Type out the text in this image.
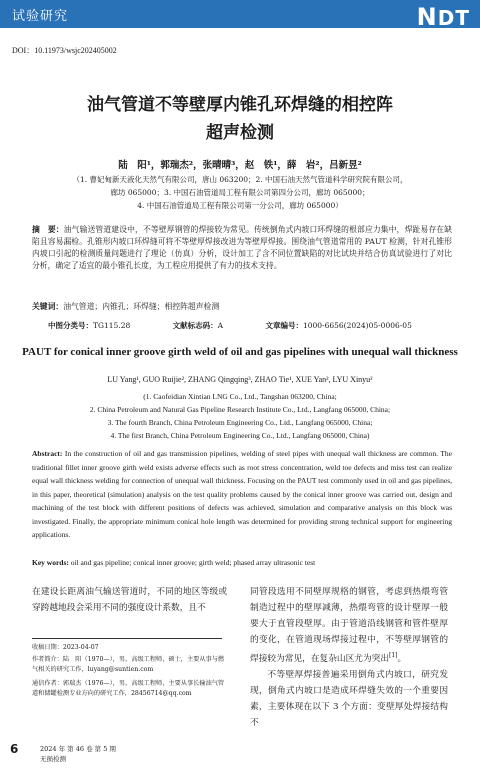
试验研究	NDT
DOI：10.11973/wsjc202405002
油气管道不等壁厚内锥孔环焊缝的相控阵
超声检测
陆　阳¹，郭瑞杰²，张晴晴³，赵　铁¹，薛　岩²，吕新昱²
（1. 曹妃甸新天液化天然气有限公司，唐山 063200；2. 中国石油天然气管道科学研究院有限公司，
廊坊 065000；3. 中国石油管道局工程有限公司第四分公司，廊坊 065000；
4. 中国石油管道局工程有限公司第一分公司，廊坊 065000）
摘　要：油气输送管道建设中，不等壁厚钢管的焊接较为常见。传统倒角式内坡口环焊缝的根部应力集中，焊趾易存在缺陷且容易漏检。孔锥形内坡口环焊缝可将不等壁厚焊接改进为等壁厚焊接。围绕油气管道常用的 PAUT 检测，针对孔锥形内坡口引起的检测质量问题进行了理论（仿真）分析，设计加工了含不同位置缺陷的对比试块并结合仿真试验进行了对比分析，确定了适宜的最小锥孔长度，为工程应用提供了有力的技术支持。
关键词：油气管道；内锥孔；环焊缝；相控阵超声检测
中图分类号：TG115.28	文献标志码：A	文章编号：1000-6656(2024)05-0006-05
PAUT for conical inner groove girth weld of oil and gas pipelines with unequal wall thickness
LU Yang¹, GUO Ruijie², ZHANG Qingqing³, ZHAO Tie¹, XUE Yan², LYU Xinyu²
(1. Caofeidian Xintian LNG Co., Ltd., Tangshan 063200, China;
2. China Petroleum and Natural Gas Pipeline Research Institute Co., Ltd., Langfang 065000, China;
3. The fourth Branch, China Petroleum Engineering Co., Ltd., Langfang 065000, China;
4. The first Branch, China Petroleum Engineering Co., Ltd., Langfang 065000, China)
Abstract: In the construction of oil and gas transmission pipelines, welding of steel pipes with unequal wall thickness are common. The traditional fillet inner groove girth weld exists adverse effects such as root stress concentration, weld toe defects and miss test can realize equal wall thickness welding for connection of unequal wall thickness. Focusing on the PAUT test commonly used in oil and gas pipelines, in this paper, theoretical (simulation) analysis on the test quality problems caused by the conical inner groove was carried out, design and machining of the test block with different positions of defects was achieved, simulation and comparative analysis on this block was investigated. Finally, the appropriate minimum conical hole length was determined for providing strong technical support for engineering applications.
Key words: oil and gas pipeline; conical inner groove; girth weld; phased array ultrasonic test
在建设长距离油气输送管道时，不同的地区等级或穿跨越地段会采用不同的强度设计系数，且不
同管段选用不同壁厚规格的钢管，考虑到热煨弯管制造过程中的壁厚减薄，热煨弯管的设计壁厚一般要大于直管段壁厚。由于管道沿线钢管和管件壁厚的变化，在管道现场焊接过程中，不等壁厚钢管的焊接较为常见，在复杂山区尤为突出[1]。
不等壁厚焊接普遍采用倒角式内坡口，研究发现，倒角式内坡口是造成环焊缝失效的一个重要因素，主要体现在以下 3 个方面：变壁厚处焊接结构不
收稿日期：2023-04-07
作者简介：陆　阳（1970—），男，高级工程师，硕士，主要从事与燃气相关的研究工作，luyang@suntien.com
通信作者：郭瑞杰（1976—），男，高级工程师，主要从事长输油气管道和储罐检测专业方向的研究工作，28456714@qq.com
6	2024 年 第 46 卷 第 5 期
无损检测
